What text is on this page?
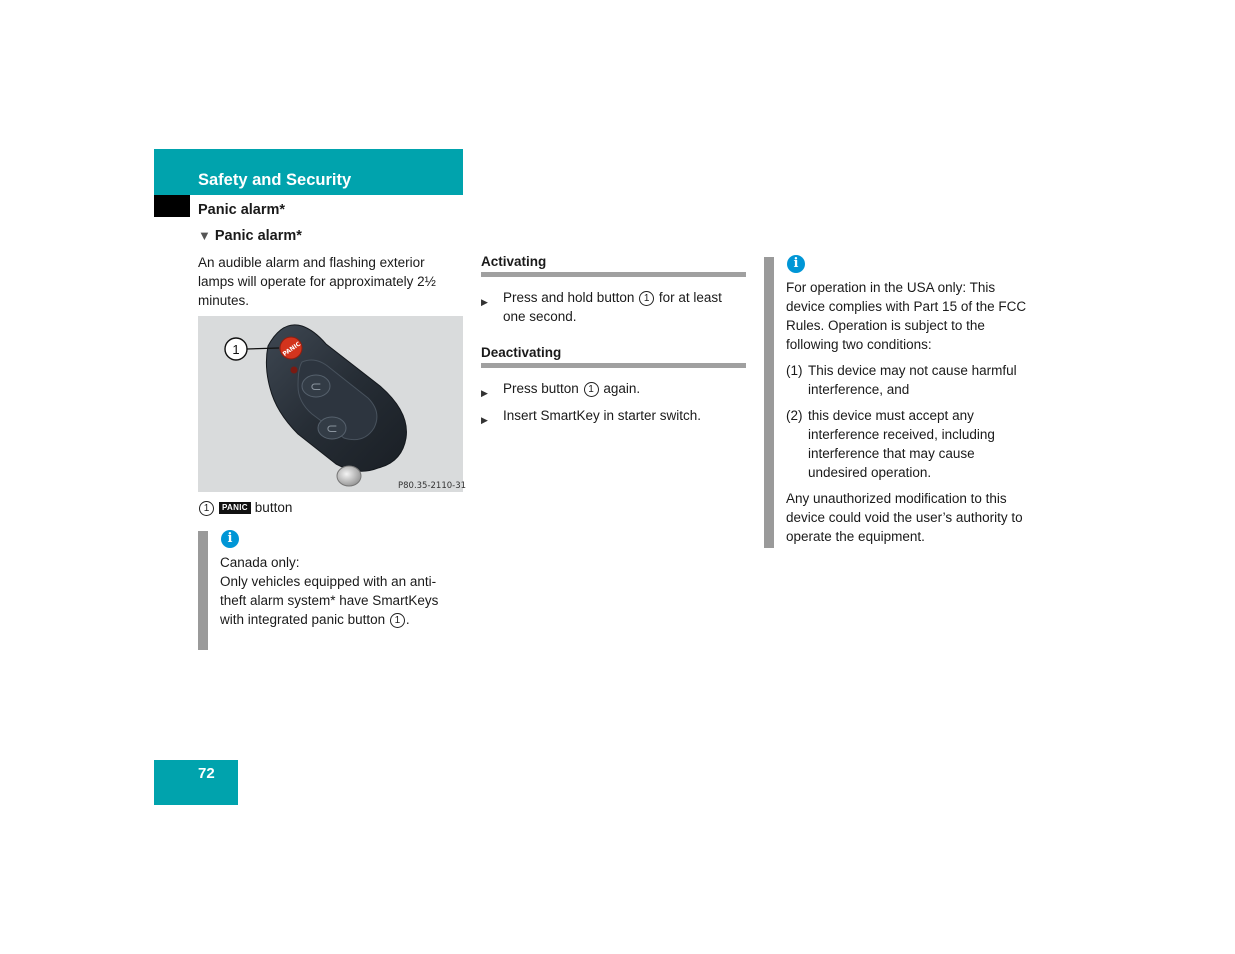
Safety and Security
Panic alarm*
▼ Panic alarm*
An audible alarm and flashing exterior lamps will operate for approximately 2½ minutes.
⊂
⊂
PANIC
1
P80.35-2110-31
1 PANIC button
i
Canada only:
Only vehicles equipped with an anti-theft alarm system* have SmartKeys with integrated panic button 1 .
Activating
▶ Press and hold button 1 for at least one second.
Deactivating
▶ Press button 1 again.
▶ Insert SmartKey in starter switch.
i

For operation in the USA only: This device complies with Part 15 of the FCC Rules. Operation is subject to the following two conditions:

(1) This device may not cause harmful interference, and

(2) this device must accept any interference received, including interference that may cause undesired operation.

Any unauthorized modification to this device could void the user’s authority to operate the equipment.

72
